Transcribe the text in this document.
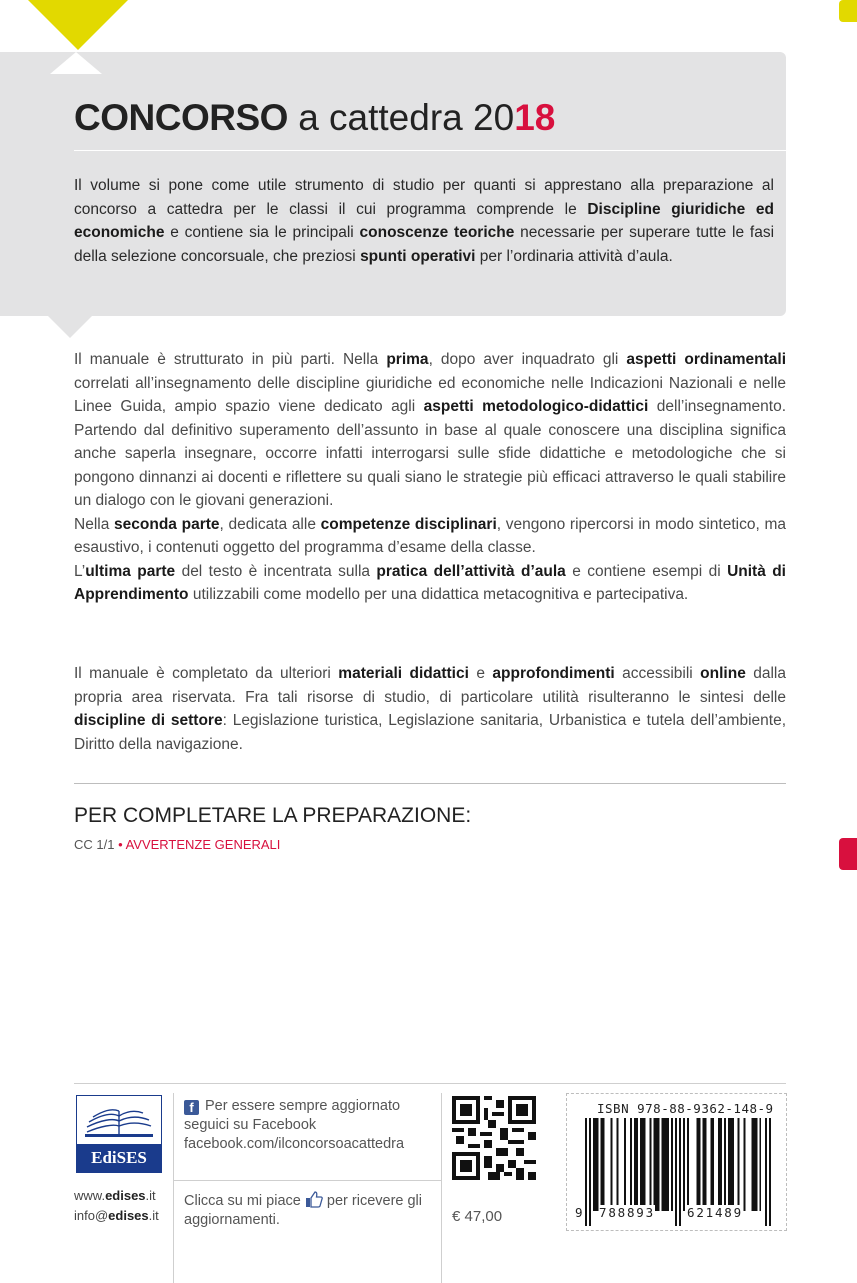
CONCORSO a cattedra 2018
Il volume si pone come utile strumento di studio per quanti si apprestano alla preparazione al concorso a cattedra per le classi il cui programma comprende le Discipline giuridiche ed economiche e contiene sia le principali conoscenze teoriche necessarie per superare tutte le fasi della selezione concorsuale, che preziosi spunti operativi per l’ordinaria attività d’aula.

Il manuale è strutturato in più parti. Nella prima, dopo aver inquadrato gli aspetti ordinamentali correlati all’insegnamento delle discipline giuridiche ed economiche nelle Indicazioni Nazionali e nelle Linee Guida, ampio spazio viene dedicato agli aspetti metodologico-didattici dell’insegnamento. Partendo dal definitivo superamento dell’assunto in base al quale conoscere una disciplina significa anche saperla insegnare, occorre infatti interrogarsi sulle sfide didattiche e metodologiche che si pongono dinnanzi ai docenti e riflettere su quali siano le strategie più efficaci attraverso le quali stabilire un dialogo con le giovani generazioni.

Nella seconda parte, dedicata alle competenze disciplinari, vengono ripercorsi in modo sintetico, ma esaustivo, i contenuti oggetto del programma d’esame della classe.

L’ultima parte del testo è incentrata sulla pratica dell’attività d’aula e contiene esempi di Unità di Apprendimento utilizzabili come modello per una didattica metacognitiva e partecipativa.

Il manuale è completato da ulteriori materiali didattici e approfondimenti accessibili online dalla propria area riservata. Fra tali risorse di studio, di particolare utilità risulteranno le sintesi delle discipline di settore: Legislazione turistica, Legislazione sanitaria, Urbanistica e tutela dell’ambiente, Diritto della navigazione.
PER COMPLETARE LA PREPARAZIONE:
CC 1/1 • AVVERTENZE GENERALI
EdiSES
www.edises.it
info@edises.it
f Per essere sempre aggiornato
seguici su Facebook
facebook.com/ilconcorsoacattedra
Clicca su mi piace per ricevere gli aggiornamenti.	€ 47,00
ISBN 978-88-9362-148-9
9 788893	621489
